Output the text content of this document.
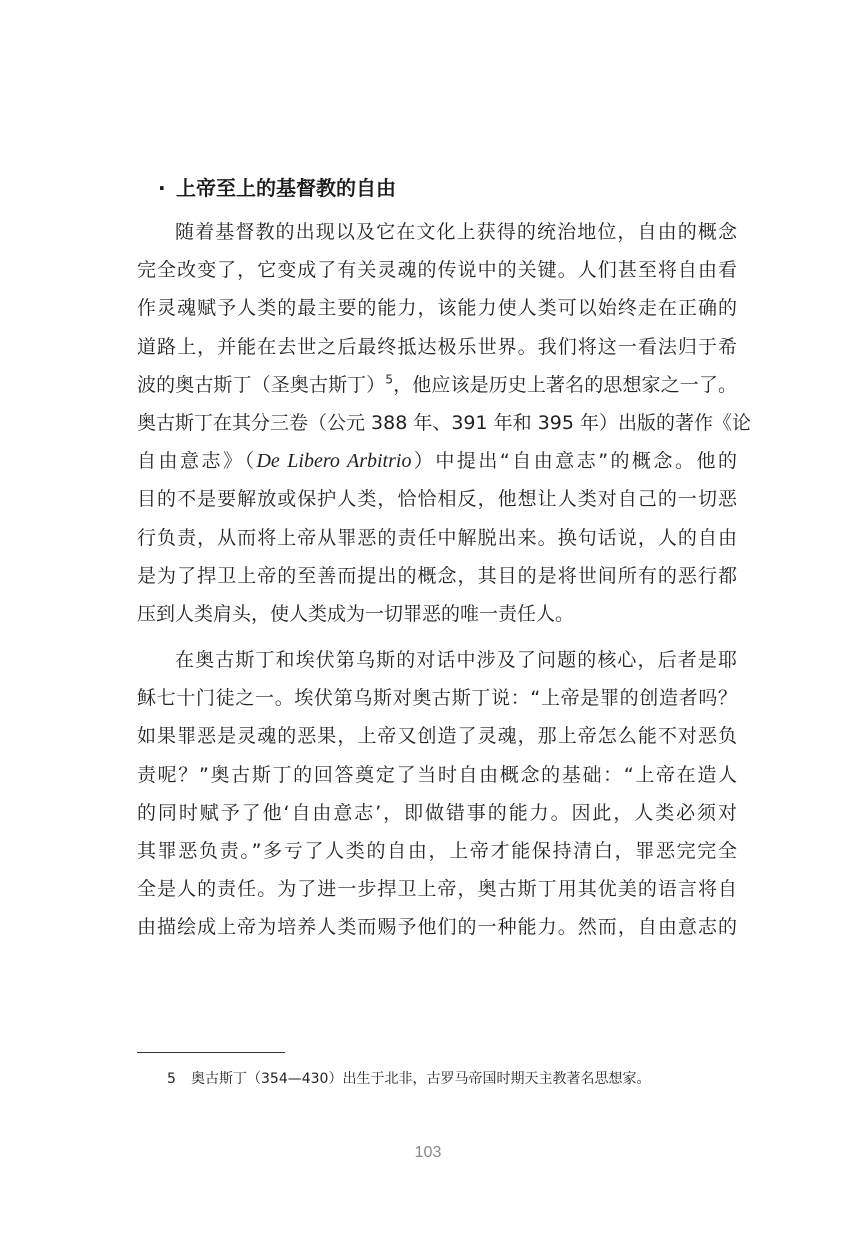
· 上帝至上的基督教的自由
随着基督教的出现以及它在文化上获得的统治地位，自由的概念
完全改变了，它变成了有关灵魂的传说中的关键。人们甚至将自由看
作灵魂赋予人类的最主要的能力，该能力使人类可以始终走在正确的
道路上，并能在去世之后最终抵达极乐世界。我们将这一看法归于希
波的奥古斯丁（圣奥古斯丁）$^5$，他应该是历史上著名的思想家之一了。
奥古斯丁在其分三卷（公元 388 年、391 年和 395 年）出版的著作《论
自由意志》（De Libero Arbitrio）中提出“自由意志”的概念。他的
目的不是要解放或保护人类，恰恰相反，他想让人类对自己的一切恶
行负责，从而将上帝从罪恶的责任中解脱出来。换句话说，人的自由
是为了捍卫上帝的至善而提出的概念，其目的是将世间所有的恶行都
压到人类肩头，使人类成为一切罪恶的唯一责任人。
在奥古斯丁和埃伏第乌斯的对话中涉及了问题的核心，后者是耶
稣七十门徒之一。埃伏第乌斯对奥古斯丁说：“上帝是罪的创造者吗？
如果罪恶是灵魂的恶果，上帝又创造了灵魂，那上帝怎么能不对恶负
责呢？”奥古斯丁的回答奠定了当时自由概念的基础：“上帝在造人
的同时赋予了他‘自由意志’，即做错事的能力。因此，人类必须对
其罪恶负责。”多亏了人类的自由，上帝才能保持清白，罪恶完完全
全是人的责任。为了进一步捍卫上帝，奥古斯丁用其优美的语言将自
由描绘成上帝为培养人类而赐予他们的一种能力。然而，自由意志的
5 奥古斯丁（354—430）出生于北非，古罗马帝国时期天主教著名思想家。
103
